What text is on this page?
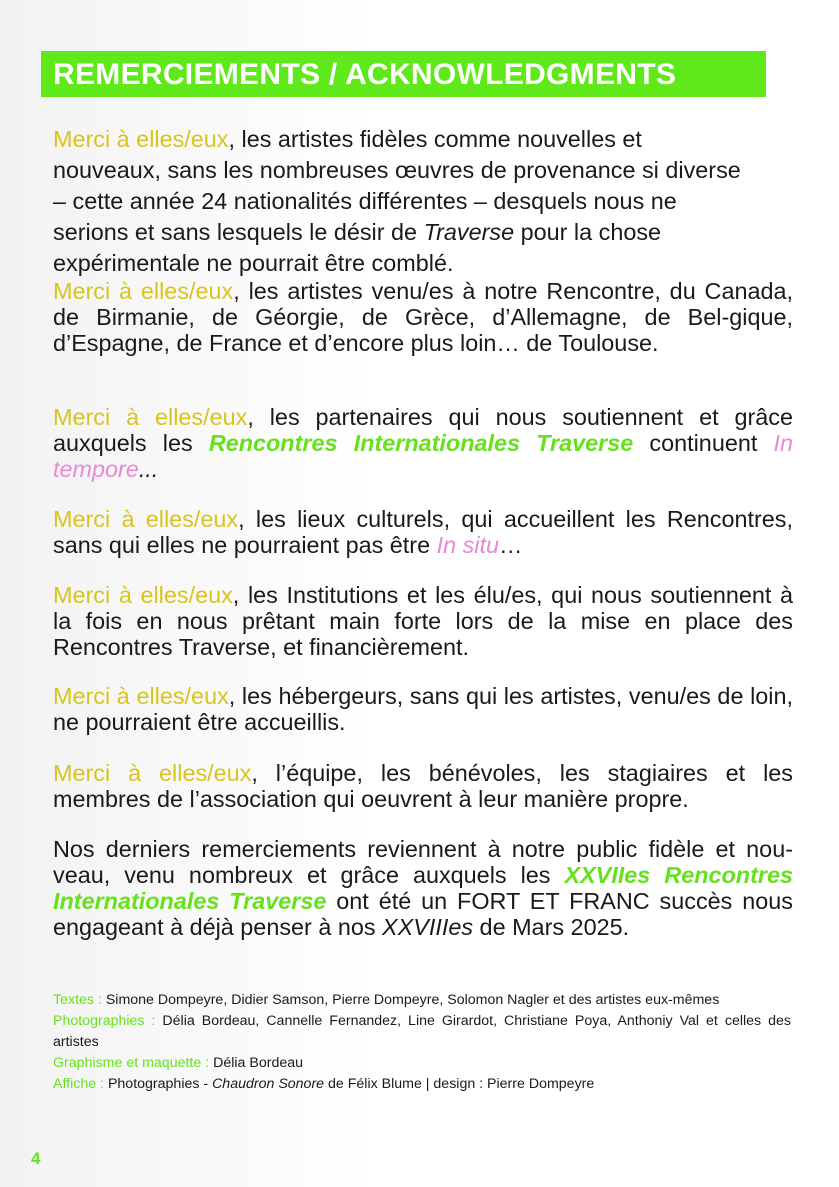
REMERCIEMENTS / ACKNOWLEDGMENTS
Merci à elles/eux, les artistes fidèles comme nouvelles et nouveaux, sans les nombreuses œuvres de provenance si diverse – cette année 24 nationalités différentes – desquels nous ne serions et sans lesquels le désir de Traverse pour la chose expérimentale ne pourrait être comblé.
Merci à elles/eux, les artistes venu/es à notre Rencontre, du Canada, de Birmanie, de Géorgie, de Grèce, d’Allemagne, de Bel-gique, d’Espagne, de France et d’encore plus loin… de Toulouse.
Merci à elles/eux, les partenaires qui nous soutiennent et grâce auxquels les Rencontres Internationales Traverse continuent In tempore...
Merci à elles/eux, les lieux culturels, qui accueillent les Rencontres, sans qui elles ne pourraient pas être In situ…
Merci à elles/eux, les Institutions et les élu/es, qui nous soutiennent à la fois en nous prêtant main forte lors de la mise en place des Rencontres Traverse, et financièrement.
Merci à elles/eux, les hébergeurs, sans qui les artistes, venu/es de loin, ne pourraient être accueillis.
Merci à elles/eux, l’équipe, les bénévoles, les stagiaires et les membres de l’association qui oeuvrent à leur manière propre.
Nos derniers remerciements reviennent à notre public fidèle et nou-veau, venu nombreux et grâce auxquels les XXVIIes Rencontres Internationales Traverse ont été un FORT ET FRANC succès nous engageant à déjà penser à nos XXVIIIes de Mars 2025.
Textes : Simone Dompeyre, Didier Samson, Pierre Dompeyre, Solomon Nagler et des artistes eux-mêmes
Photographies : Délia Bordeau, Cannelle Fernandez, Line Girardot, Christiane Poya, Anthoniy Val et celles des artistes
Graphisme et maquette : Délia Bordeau
Affiche : Photographies - Chaudron Sonore de Félix Blume | design : Pierre Dompeyre
4
